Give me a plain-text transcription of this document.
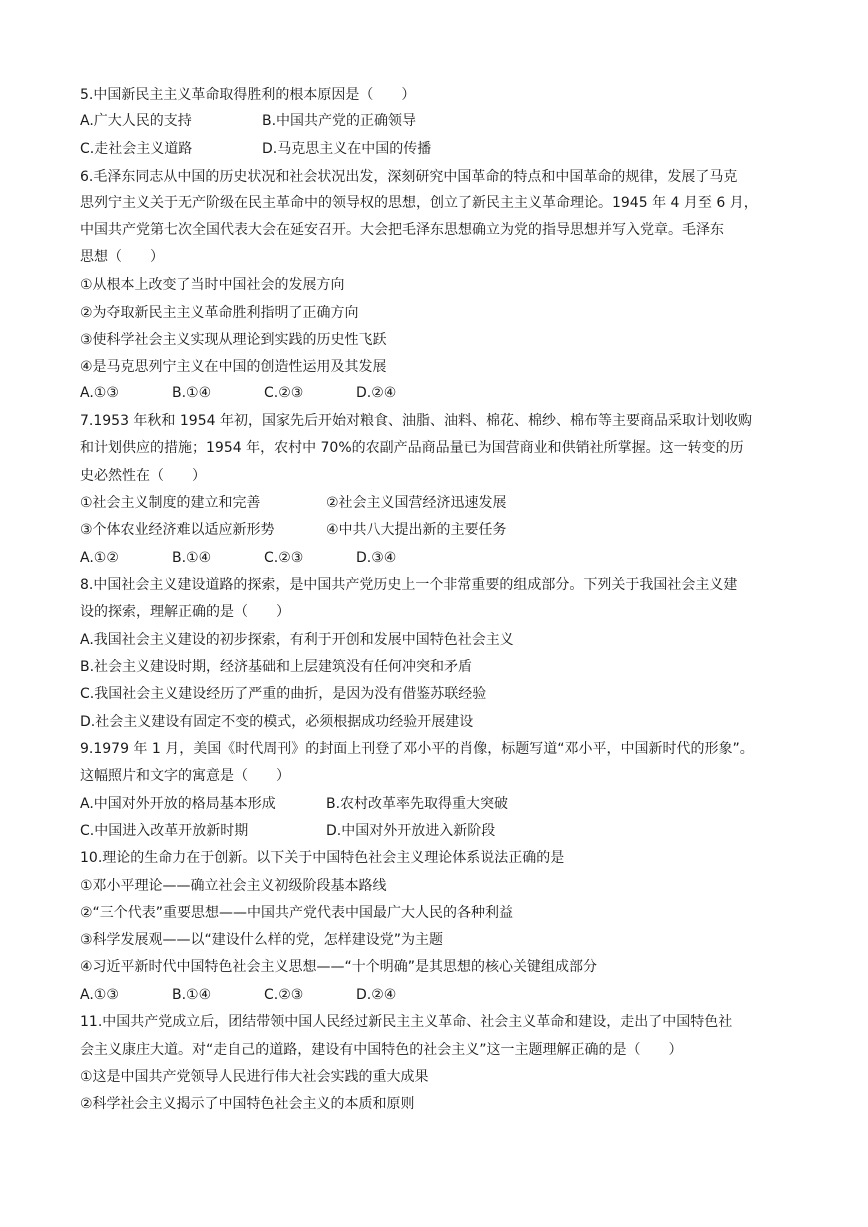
5.中国新民主主义革命取得胜利的根本原因是（　　）
A.广大人民的支持	B.中国共产党的正确领导
C.走社会主义道路	D.马克思主义在中国的传播
6.毛泽东同志从中国的历史状况和社会状况出发，深刻研究中国革命的特点和中国革命的规律，发展了马克
思列宁主义关于无产阶级在民主革命中的领导权的思想，创立了新民主主义革命理论。1945 年 4 月至 6 月，
中国共产党第七次全国代表大会在延安召开。大会把毛泽东思想确立为党的指导思想并写入党章。毛泽东
思想（　　）
①从根本上改变了当时中国社会的发展方向
②为夺取新民主主义革命胜利指明了正确方向
③使科学社会主义实现从理论到实践的历史性飞跃
④是马克思列宁主义在中国的创造性运用及其发展
A.①③	B.①④	C.②③	D.②④
7.1953 年秋和 1954 年初，国家先后开始对粮食、油脂、油料、棉花、棉纱、棉布等主要商品采取计划收购
和计划供应的措施；1954 年，农村中 70%的农副产品商品量已为国营商业和供销社所掌握。这一转变的历
史必然性在（　　）
①社会主义制度的建立和完善	②社会主义国营经济迅速发展
③个体农业经济难以适应新形势	④中共八大提出新的主要任务
A.①②	B.①④	C.②③	D.③④
8.中国社会主义建设道路的探索，是中国共产党历史上一个非常重要的组成部分。下列关于我国社会主义建
设的探索，理解正确的是（　　）
A.我国社会主义建设的初步探索，有利于开创和发展中国特色社会主义
B.社会主义建设时期，经济基础和上层建筑没有任何冲突和矛盾
C.我国社会主义建设经历了严重的曲折，是因为没有借鉴苏联经验
D.社会主义建设有固定不变的模式，必须根据成功经验开展建设
9.1979 年 1 月，美国《时代周刊》的封面上刊登了邓小平的肖像，标题写道“邓小平，中国新时代的形象”。
这幅照片和文字的寓意是（　　）
A.中国对外开放的格局基本形成	B.农村改革率先取得重大突破
C.中国进入改革开放新时期	D.中国对外开放进入新阶段
10.理论的生命力在于创新。以下关于中国特色社会主义理论体系说法正确的是
①邓小平理论——确立社会主义初级阶段基本路线
②“三个代表”重要思想——中国共产党代表中国最广大人民的各种利益
③科学发展观——以“建设什么样的党，怎样建设党”为主题
④习近平新时代中国特色社会主义思想——“十个明确”是其思想的核心关键组成部分
A.①③	B.①④	C.②③	D.②④
11.中国共产党成立后，团结带领中国人民经过新民主主义革命、社会主义革命和建设，走出了中国特色社
会主义康庄大道。对“走自己的道路，建设有中国特色的社会主义”这一主题理解正确的是（　　）
①这是中国共产党领导人民进行伟大社会实践的重大成果
②科学社会主义揭示了中国特色社会主义的本质和原则
